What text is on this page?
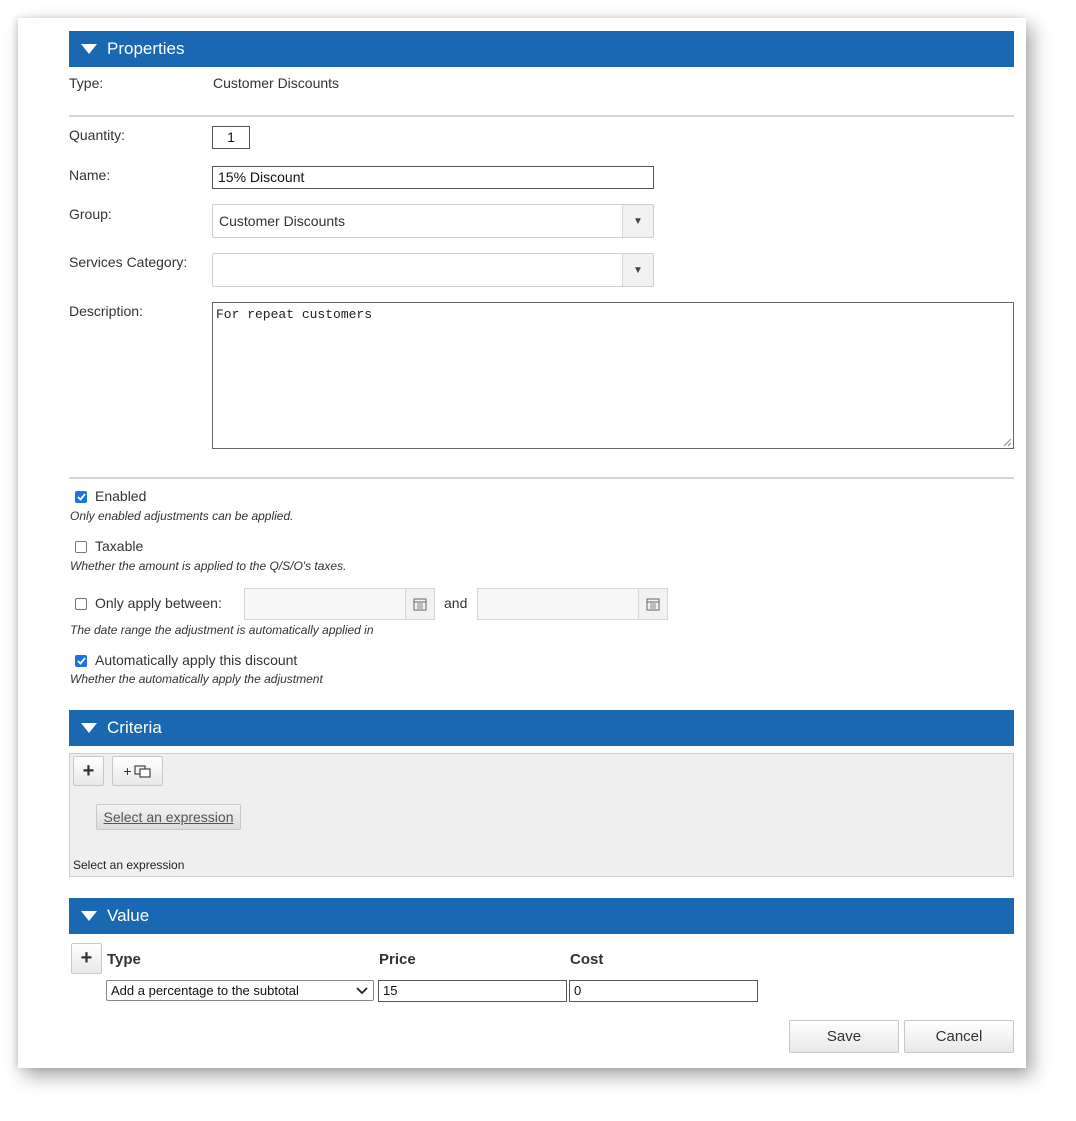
Properties
Type:	Customer Discounts
Quantity:	1
Name:	15% Discount
Group:	Customer Discounts	▼
Services Category:	▼
Description:	For repeat customers
Enabled
Only enabled adjustments can be applied.
Taxable
Whether the amount is applied to the Q/S/O's taxes.
Only apply between:	and
The date range the adjustment is automatically applied in
Automatically apply this discount
Whether the automatically apply the adjustment
Criteria
+ +
Select an expression
Select an expression
Value
+ Type	Price	Cost
Add a percentage to the subtotal	15	0
Save	Cancel
